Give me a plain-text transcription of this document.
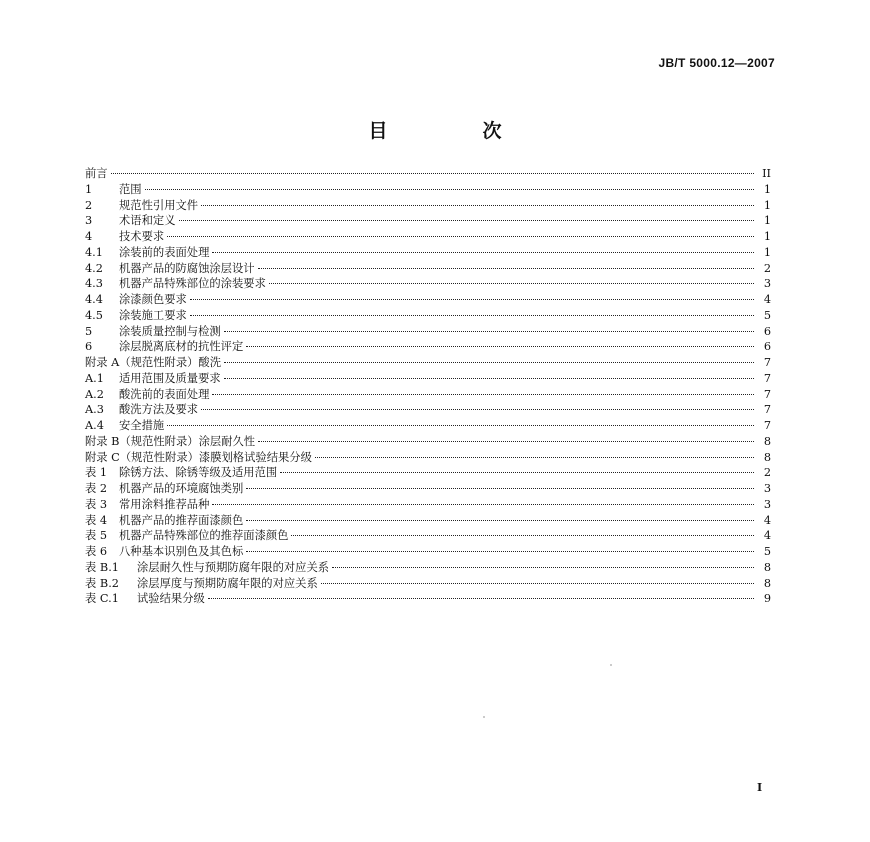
JB/T 5000.12—2007
目　次
前言	II
1	范围	1
2	规范性引用文件	1
3	术语和定义	1
4	技术要求	1
4.1	涂装前的表面处理	1
4.2	机器产品的防腐蚀涂层设计	2
4.3	机器产品特殊部位的涂装要求	3
4.4	涂漆颜色要求	4
4.5	涂装施工要求	5
5	涂装质量控制与检测	6
6	涂层脱离底材的抗性评定	6
附录 A（规范性附录）酸洗	7
A.1	适用范围及质量要求	7
A.2	酸洗前的表面处理	7
A.3	酸洗方法及要求	7
A.4	安全措施	7
附录 B（规范性附录）涂层耐久性	8
附录 C（规范性附录）漆膜划格试验结果分级	8
表 1	除锈方法、除锈等级及适用范围	2
表 2	机器产品的环境腐蚀类别	3
表 3	常用涂料推荐品种	3
表 4	机器产品的推荐面漆颜色	4
表 5	机器产品特殊部位的推荐面漆颜色	4
表 6	八种基本识别色及其色标	5
表 B.1	涂层耐久性与预期防腐年限的对应关系	8
表 B.2	涂层厚度与预期防腐年限的对应关系	8
表 C.1	试验结果分级	9
I
